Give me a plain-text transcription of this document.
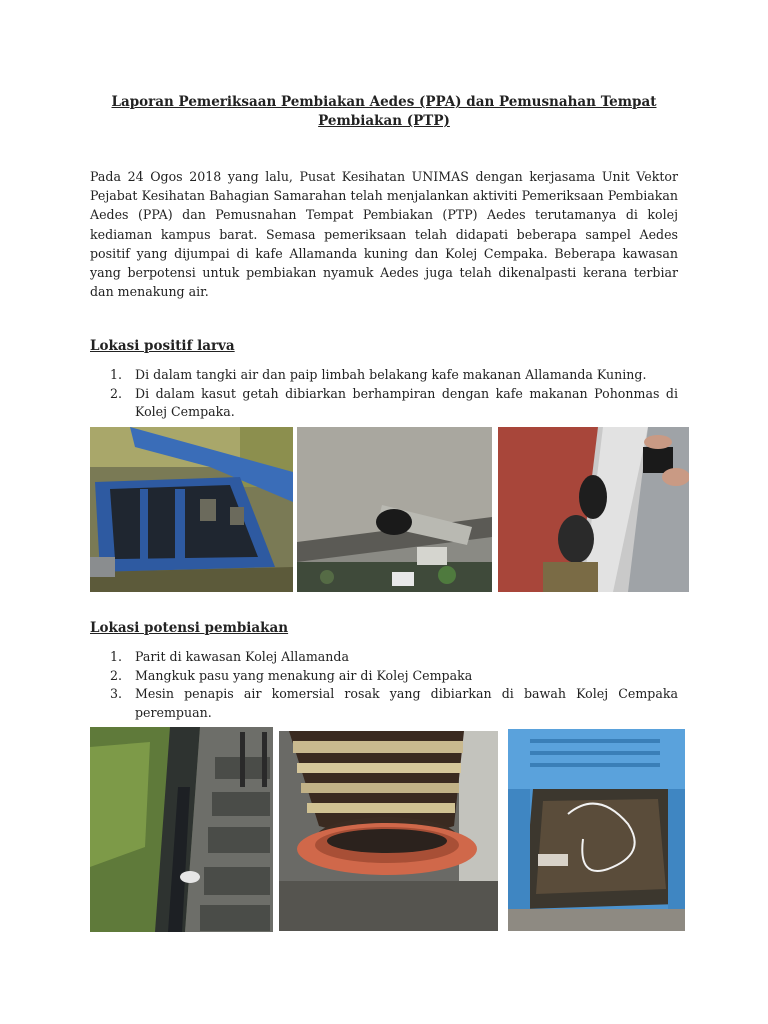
Laporan Pemeriksaan Pembiakan Aedes (PPA) dan Pemusnahan Tempat Pembiakan (PTP)
Pada 24 Ogos 2018 yang lalu, Pusat Kesihatan UNIMAS dengan kerjasama Unit Vektor Pejabat Kesihatan Bahagian Samarahan telah menjalankan aktiviti Pemeriksaan Pembiakan Aedes (PPA) dan Pemusnahan Tempat Pembiakan (PTP) Aedes terutamanya di kolej kediaman kampus barat. Semasa pemeriksaan telah didapati beberapa sampel Aedes positif yang dijumpai di kafe Allamanda kuning dan Kolej Cempaka. Beberapa kawasan yang berpotensi untuk pembiakan nyamuk Aedes juga telah dikenalpasti kerana terbiar dan menakung air.
Lokasi positif larva
1. Di dalam tangki air dan paip limbah belakang kafe makanan Allamanda Kuning.
2. Di dalam kasut getah dibiarkan berhampiran dengan kafe makanan Pohonmas di Kolej Cempaka.
Lokasi potensi pembiakan
1. Parit di kawasan Kolej Allamanda
2. Mangkuk pasu yang menakung air di Kolej Cempaka
3. Mesin penapis air komersial rosak yang dibiarkan di bawah Kolej Cempaka perempuan.
